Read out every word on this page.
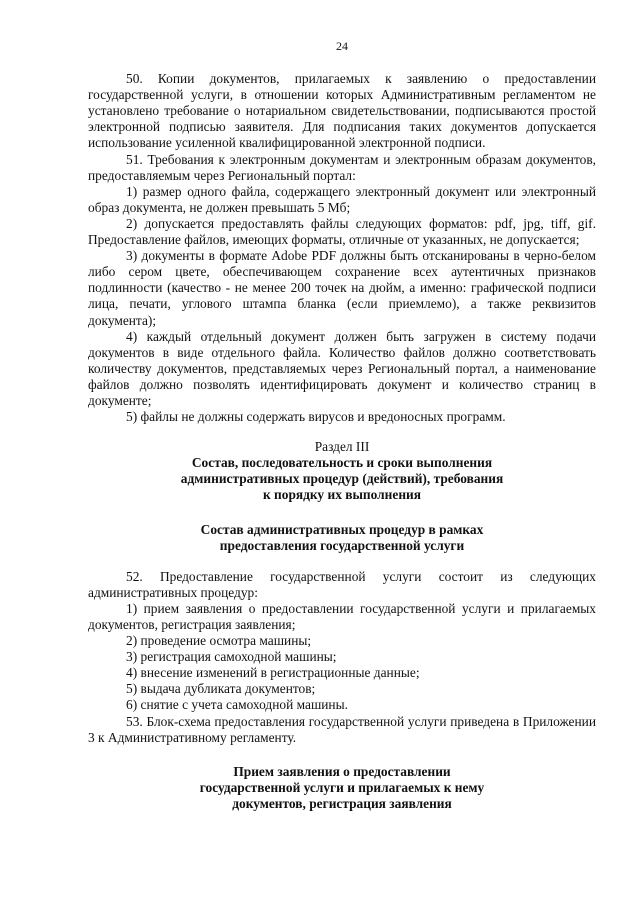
24

50. Копии документов, прилагаемых к заявлению о предоставлении государственной услуги, в отношении которых Административным регламентом не установлено требование о нотариальном свидетельствовании, подписываются простой электронной подписью заявителя. Для подписания таких документов допускается использование усиленной квалифицированной электронной подписи.

51. Требования к электронным документам и электронным образам документов, предоставляемым через Региональный портал:

1) размер одного файла, содержащего электронный документ или электронный образ документа, не должен превышать 5 Мб;

2) допускается предоставлять файлы следующих форматов: pdf, jpg, tiff, gif. Предоставление файлов, имеющих форматы, отличные от указанных, не допускается;

3) документы в формате Adobe PDF должны быть отсканированы в черно-белом либо сером цвете, обеспечивающем сохранение всех аутентичных признаков подлинности (качество - не менее 200 точек на дюйм, а именно: графической подписи лица, печати, углового штампа бланка (если приемлемо), а также реквизитов документа);

4) каждый отдельный документ должен быть загружен в систему подачи документов в виде отдельного файла. Количество файлов должно соответствовать количеству документов, представляемых через Региональный портал, а наименование файлов должно позволять идентифицировать документ и количество страниц в документе;

5) файлы не должны содержать вирусов и вредоносных программ.

Раздел III

Состав, последовательность и сроки выполнения

административных процедур (действий), требования

к порядку их выполнения

Состав административных процедур в рамках
предоставления государственной услуги

52. Предоставление государственной услуги состоит из следующих административных процедур:

1) прием заявления о предоставлении государственной услуги и прилагаемых документов, регистрация заявления;

2) проведение осмотра машины;

3) регистрация самоходной машины;

4) внесение изменений в регистрационные данные;

5) выдача дубликата документов;

6) снятие с учета самоходной машины.

53. Блок-схема предоставления государственной услуги приведена в Приложении 3 к Административному регламенту.

Прием заявления о предоставлении
государственной услуги и прилагаемых к нему
документов, регистрация заявления
